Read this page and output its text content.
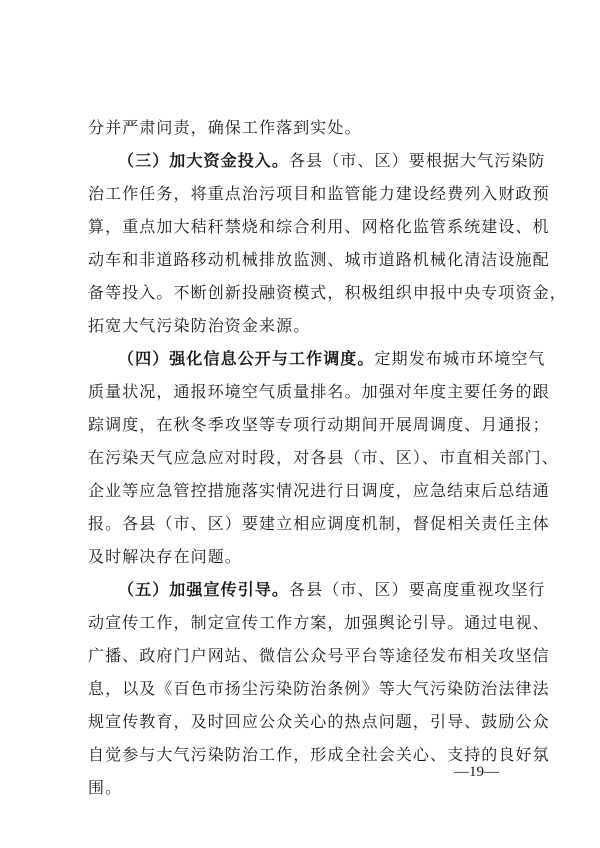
分并严肃问责，确保工作落到实处。
（三）加大资金投入。各县（市、区）要根据大气污染防
治工作任务，将重点治污项目和监管能力建设经费列入财政预
算，重点加大秸秆禁烧和综合利用、网格化监管系统建设、机
动车和非道路移动机械排放监测、城市道路机械化清洁设施配
备等投入。不断创新投融资模式，积极组织申报中央专项资金，
拓宽大气污染防治资金来源。
（四）强化信息公开与工作调度。定期发布城市环境空气
质量状况，通报环境空气质量排名。加强对年度主要任务的跟
踪调度，在秋冬季攻坚等专项行动期间开展周调度、月通报；
在污染天气应急应对时段，对各县（市、区）、市直相关部门、
企业等应急管控措施落实情况进行日调度，应急结束后总结通
报。各县（市、区）要建立相应调度机制，督促相关责任主体
及时解决存在问题。
（五）加强宣传引导。各县（市、区）要高度重视攻坚行
动宣传工作，制定宣传工作方案，加强舆论引导。通过电视、
广播、政府门户网站、微信公众号平台等途径发布相关攻坚信
息，以及《百色市扬尘污染防治条例》等大气污染防治法律法
规宣传教育，及时回应公众关心的热点问题，引导、鼓励公众
自觉参与大气污染防治工作，形成全社会关心、支持的良好氛
围。
—19—
